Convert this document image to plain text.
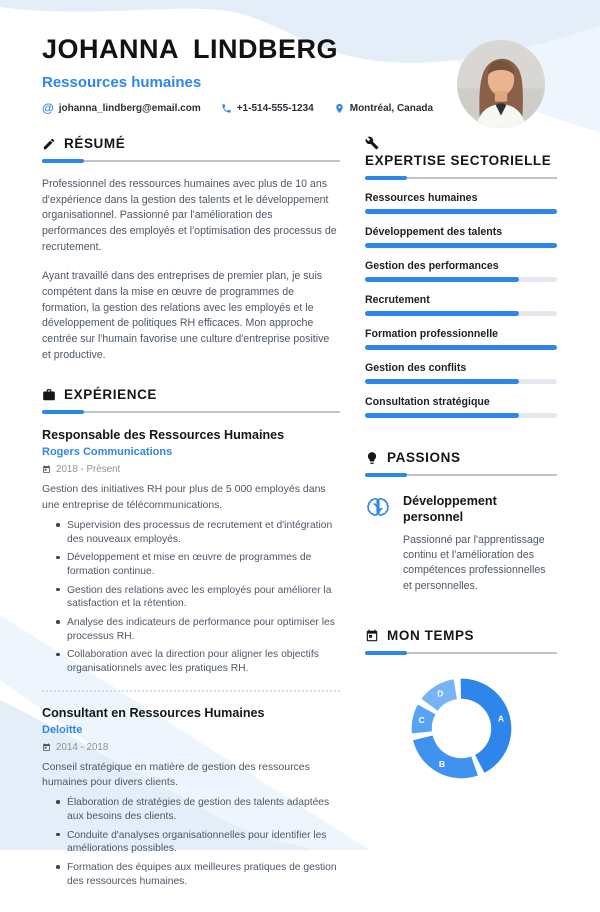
JOHANNA LINDBERG
Ressources humaines
@ johanna_lindberg@email.com	+1-514-555-1234	Montréal, Canada
RÉSUMÉ

Professionnel des ressources humaines avec plus de 10 ans d'expérience dans la gestion des talents et le développement organisationnel. Passionné par l'amélioration des performances des employés et l'optimisation des processus de recrutement.

Ayant travaillé dans des entreprises de premier plan, je suis compétent dans la mise en œuvre de programmes de formation, la gestion des relations avec les employés et le développement de politiques RH efficaces. Mon approche centrée sur l'humain favorise une culture d'entreprise positive et productive.

EXPÉRIENCE
Responsable des Ressources Humaines
Rogers Communications
2018 - Présent
Gestion des initiatives RH pour plus de 5 000 employés dans une entreprise de télécommunications.
Supervision des processus de recrutement et d'intégration des nouveaux employés.
Développement et mise en œuvre de programmes de formation continue.
Gestion des relations avec les employés pour améliorer la satisfaction et la rétention.
Analyse des indicateurs de performance pour optimiser les processus RH.
Collaboration avec la direction pour aligner les objectifs organisationnels avec les pratiques RH.
Consultant en Ressources Humaines
Deloitte
2014 - 2018
Conseil stratégique en matière de gestion des ressources humaines pour divers clients.
Élaboration de stratégies de gestion des talents adaptées aux besoins des clients.
Conduite d'analyses organisationnelles pour identifier les améliorations possibles.
Formation des équipes aux meilleures pratiques de gestion des ressources humaines.
EXPERTISE SECTORIELLE
Ressources humaines
Développement des talents
Gestion des performances
Recrutement
Formation professionnelle
Gestion des conflits
Consultation stratégique
PASSIONS
Développement personnel
Passionné par l'apprentissage continu et l'amélioration des compétences professionnelles et personnelles.
MON TEMPS
A
B
C
D
